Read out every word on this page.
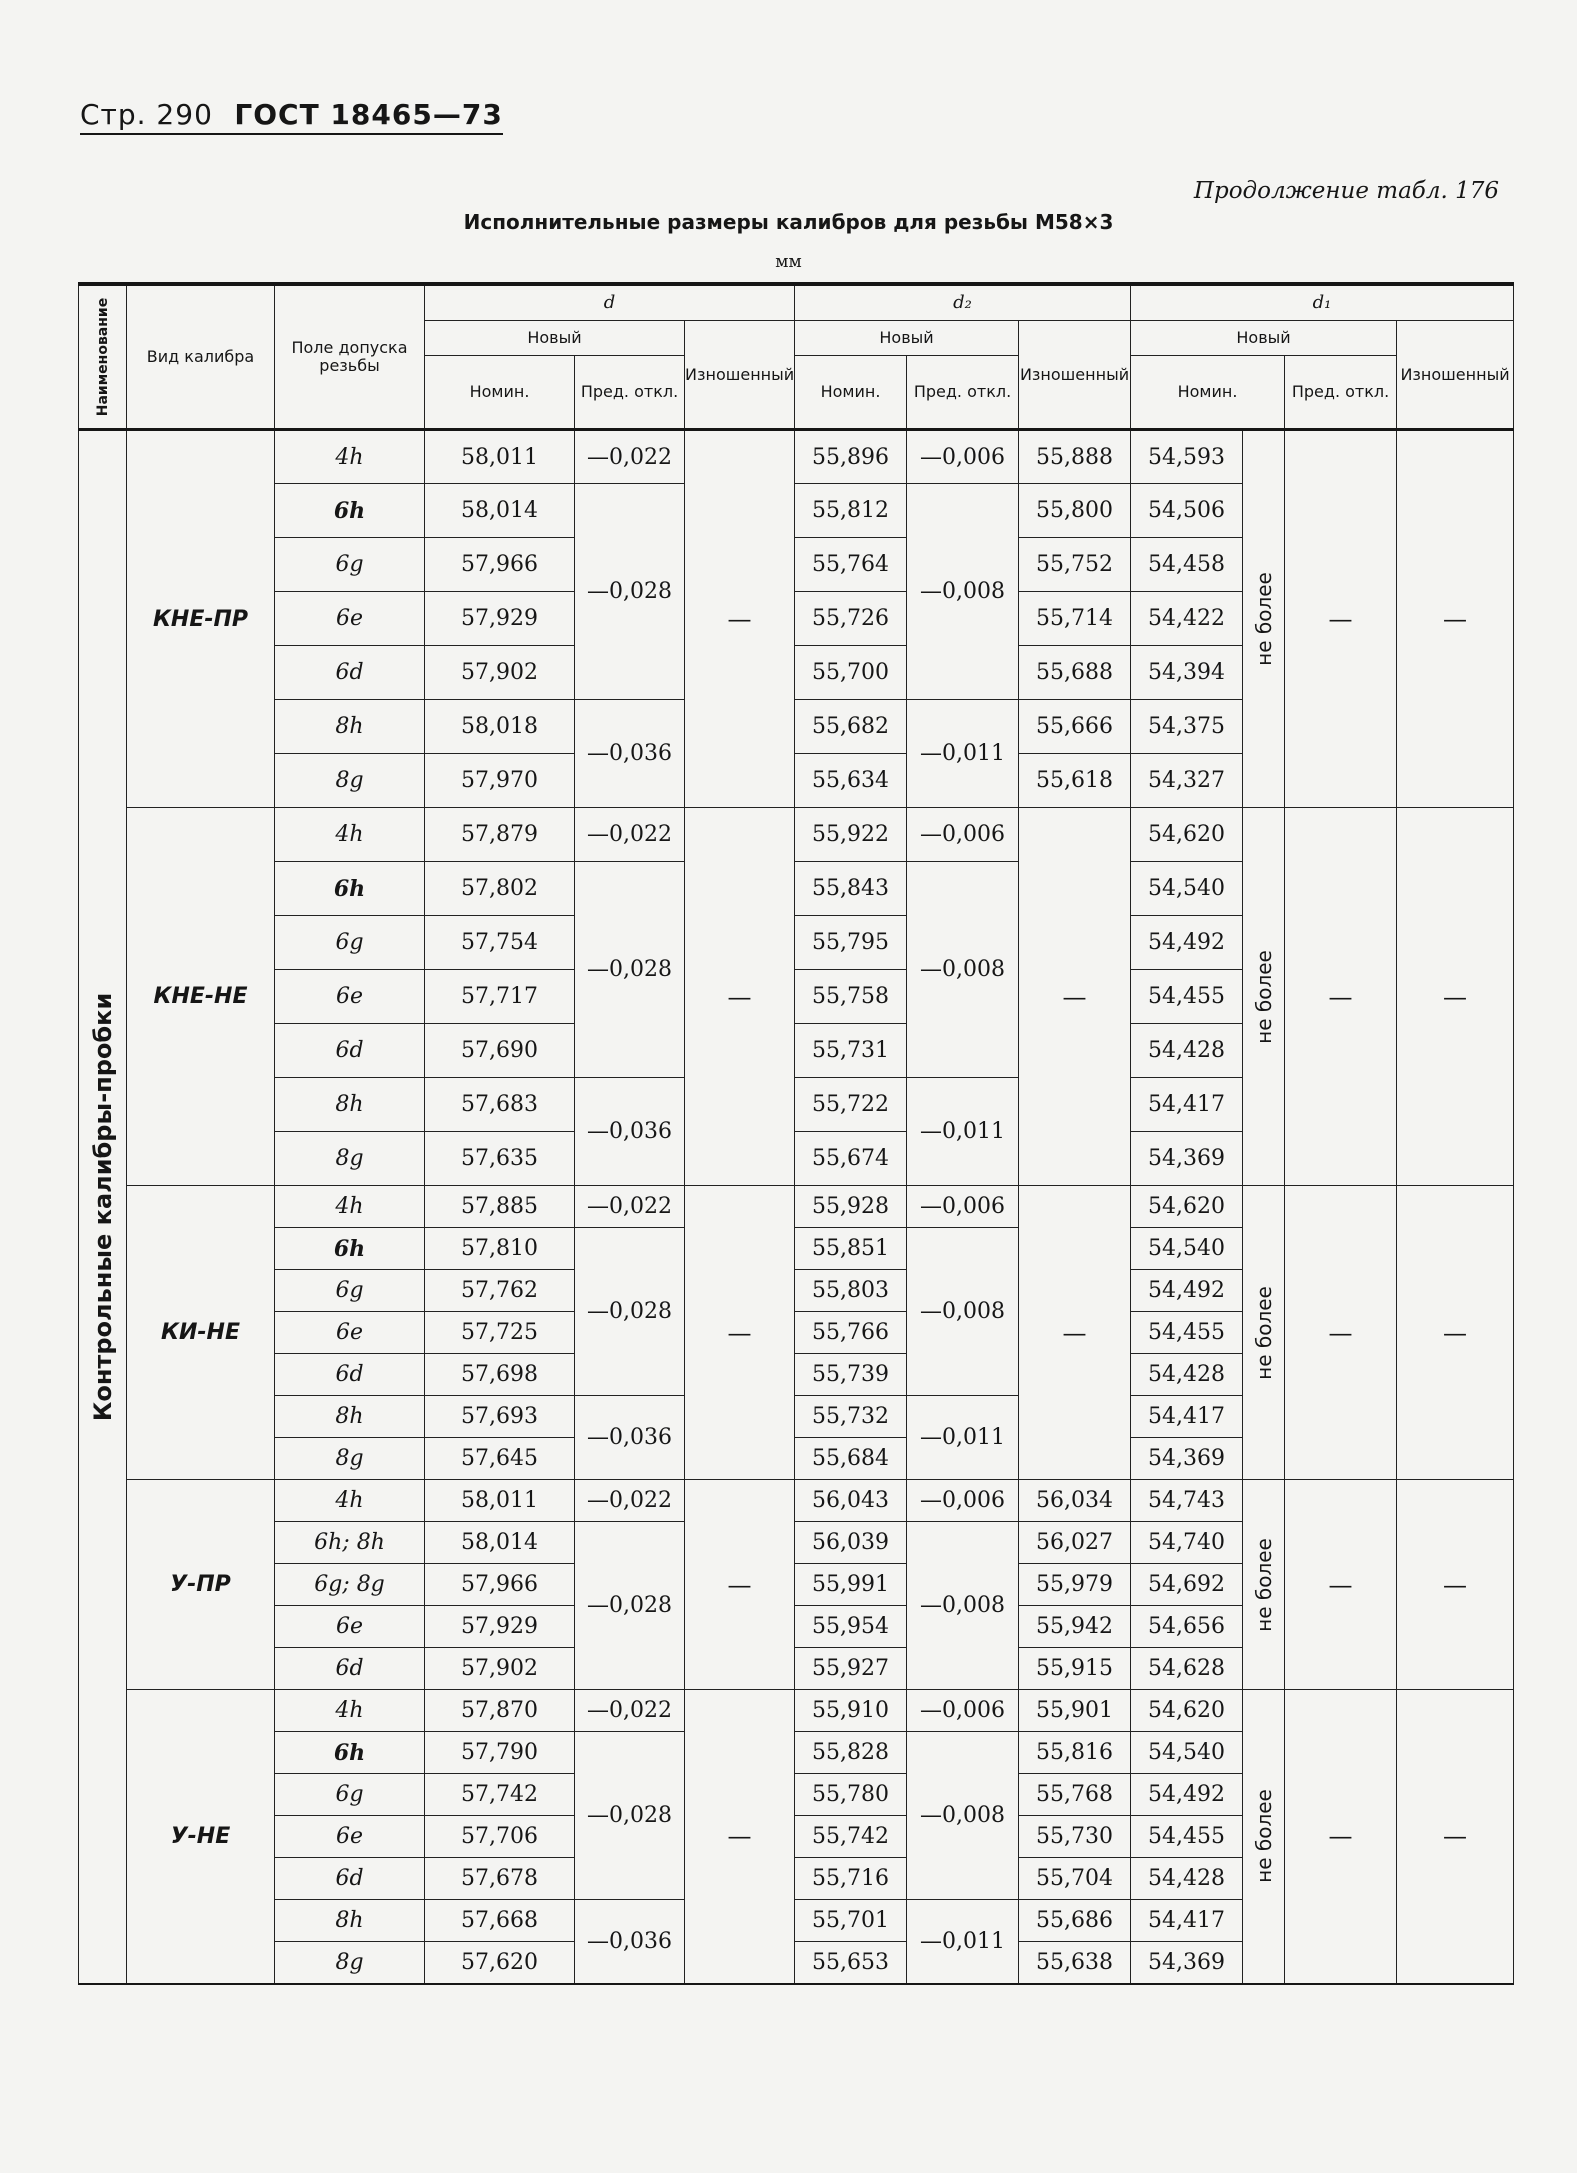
Стр. 290 ГОСТ 18465—73
Продолжение табл. 176
Исполнительные размеры калибров для резьбы М58×3
мм
Наименование	Вид калибра	Поле допуска резьбы	d			d₂			d₁			
			Новый		Изношенный	Новый		Изношенный	Новый			Изношенный
			Номин.	Пред. откл.		Номин.	Пред. откл.		Номин.		Пред. откл.	

Контрольные калибры-пробки	КНЕ-ПР	4h	58,011	—0,022	—	55,896	—0,006	55,888	54,593	не более	—	—
		6h	58,014	—0,028		55,812	—0,008	55,800	54,506			
		6g	57,966			55,764		55,752	54,458			
		6e	57,929			55,726		55,714	54,422			
		6d	57,902			55,700		55,688	54,394			
		8h	58,018	—0,036		55,682	—0,011	55,666	54,375			
		8g	57,970			55,634		55,618	54,327			
	КНЕ-НЕ	4h	57,879	—0,022	—	55,922	—0,006	—	54,620	не более	—	—
		6h	57,802	—0,028		55,843	—0,008		54,540			
		6g	57,754			55,795			54,492			
		6e	57,717			55,758			54,455			
		6d	57,690			55,731			54,428			
		8h	57,683	—0,036		55,722	—0,011		54,417			
		8g	57,635			55,674			54,369			
	КИ-НЕ	4h	57,885	—0,022	—	55,928	—0,006	—	54,620	не более	—	—
		6h	57,810	—0,028		55,851	—0,008		54,540			
		6g	57,762			55,803			54,492			
		6e	57,725			55,766			54,455			
		6d	57,698			55,739			54,428			
		8h	57,693	—0,036		55,732	—0,011		54,417			
		8g	57,645			55,684			54,369			
	У-ПР	4h	58,011	—0,022	—	56,043	—0,006	56,034	54,743	не более	—	—
		6h; 8h	58,014	—0,028		56,039	—0,008	56,027	54,740			
		6g; 8g	57,966			55,991		55,979	54,692			
		6e	57,929			55,954		55,942	54,656			
		6d	57,902			55,927		55,915	54,628			
	У-НЕ	4h	57,870	—0,022	—	55,910	—0,006	55,901	54,620	не более	—	—
		6h	57,790	—0,028		55,828	—0,008	55,816	54,540			
		6g	57,742			55,780		55,768	54,492			
		6e	57,706			55,742		55,730	54,455			
		6d	57,678			55,716		55,704	54,428			
		8h	57,668	—0,036		55,701	—0,011	55,686	54,417			
		8g	57,620			55,653		55,638	54,369			
